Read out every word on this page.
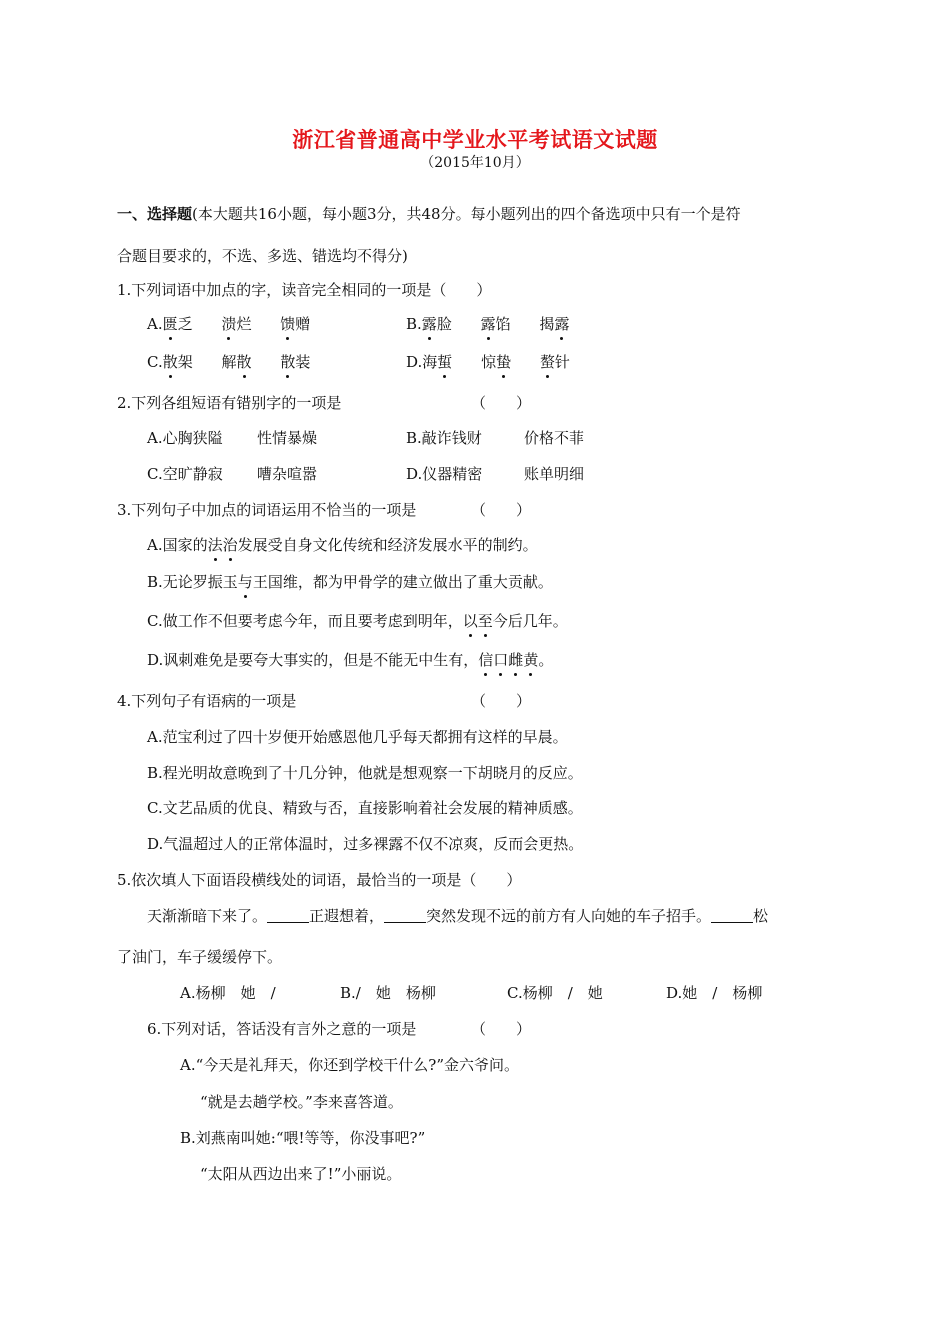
浙江省普通高中学业水平考试语文试题
（2015年10月）
一、选择题(本大题共16小题，每小题3分，共48分。每小题列出的四个备选项中只有一个是符
合题目要求的，不选、多选、错选均不得分)
1.下列词语中加点的字，读音完全相同的一项是（　　）
A.匮乏 溃烂 馈赠	B.露脸 露馅 揭露
C.散架 解散 散装	D.海蜇 惊蛰 螯针
2.下列各组短语有错别字的一项是	（　　）
A.心胸狭隘 性情暴燥	B.敲诈钱财	价格不菲
C.空旷静寂 嘈杂喧嚣	D.仪器精密	账单明细
3.下列句子中加点的词语运用不恰当的一项是	（　　）
A.国家的法治发展受自身文化传统和经济发展水平的制约。
B.无论罗振玉与王国维，都为甲骨学的建立做出了重大贡献。
C.做工作不但要考虑今年，而且要考虑到明年，以至今后几年。
D.讽刺难免是要夸大事实的，但是不能无中生有，信口雌黄。
4.下列句子有语病的一项是	（　　）
A.范宝利过了四十岁便开始感恩他几乎每天都拥有这样的早晨。
B.程光明故意晚到了十几分钟，他就是想观察一下胡晓月的反应。
C.文艺品质的优良、精致与否，直接影响着社会发展的精神质感。
D.气温超过人的正常体温时，过多裸露不仅不凉爽，反而会更热。
5.依次填人下面语段横线处的词语，最恰当的一项是（　　）
天渐渐暗下来了。	正遐想着，	突然发现不远的前方有人向她的车子招手。	松
了油门，车子缓缓停下。
A.杨柳　她　/	B./　她　杨柳	C.杨柳　/　她	D.她　/　杨柳
6.下列对话，答话没有言外之意的一项是	（　　）
A.“今天是礼拜天，你还到学校干什么?”金六爷问。
“就是去趟学校。”李来喜答道。
B.刘燕南叫她:“喂!等等，你没事吧?”
“太阳从西边出来了!”小丽说。
